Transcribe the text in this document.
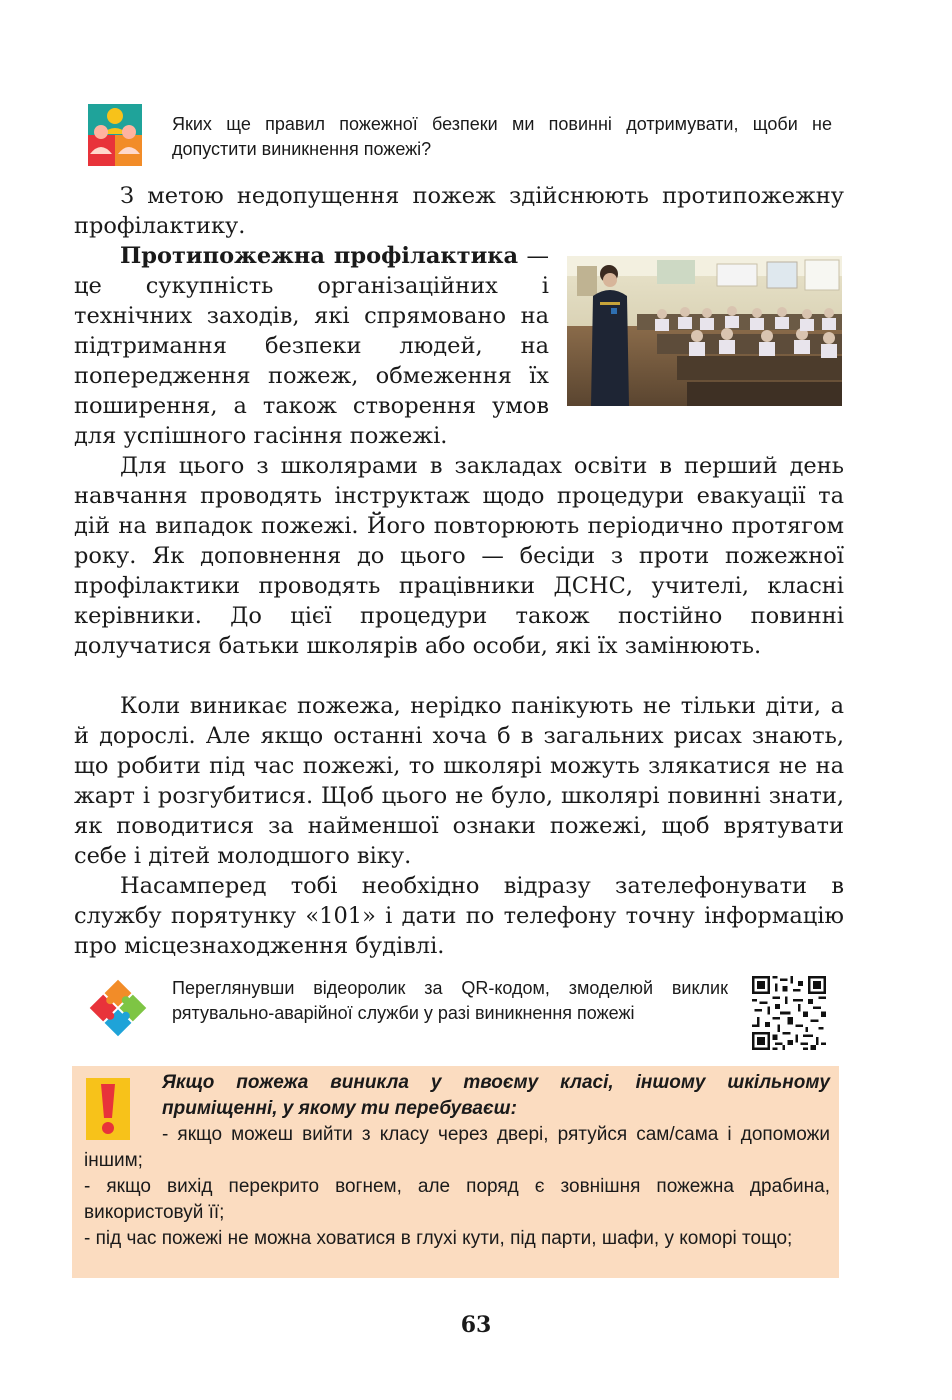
Яких ще правил пожежної безпеки ми повинні дотримувати, щоби не допустити виникнення пожежі?
З метою недопущення пожеж здійснюють протипожежну профілактику.
Протипожежна профілактика — це сукупність організаційних і технічних заходів, які спрямовано на підтримання безпеки людей, на попередження пожеж, обмеження їх поширення, а також створення умов для успішного гасіння пожежі.
Для цього з школярами в закладах освіти в перший день навчання проводять інструктаж щодо процедури евакуації та дій на випадок пожежі. Його повторюють періодично протягом року. Як доповнення до цього — бесіди з проти пожежної профілактики проводять працівники ДСНС, учителі, класні керівники. До цієї процедури також постійно повинні долучатися батьки школярів або особи, які їх замінюють.
Коли виникає пожежа, нерідко панікують не тільки діти, а й дорослі. Але якщо останні хоча б в загальних рисах знають, що робити під час пожежі, то школярі можуть злякатися не на жарт і розгубитися. Щоб цього не було, школярі повинні знати, як поводитися за найменшої ознаки пожежі, щоб врятувати себе і дітей молодшого віку.
Насамперед тобі необхідно відразу зателефонувати в службу порятунку «101» і дати по телефону точну інформацію про місцезнаходження будівлі.
Переглянувши відеоролик за QR-кодом, змоделюй виклик рятувально-аварійної служби у разі виникнення пожежі
Якщо пожежа виникла у твоєму класі, іншому шкільному приміщенні, у якому ти перебуваєш:
- якщо можеш вийти з класу через двері, рятуйся сам/сама і допоможи іншим;
- якщо вихід перекрито вогнем, але поряд є зовнішня пожежна драбина, використовуй її;
- під час пожежі не можна ховатися в глухі кути, під парти, шафи, у коморі тощо;
63
